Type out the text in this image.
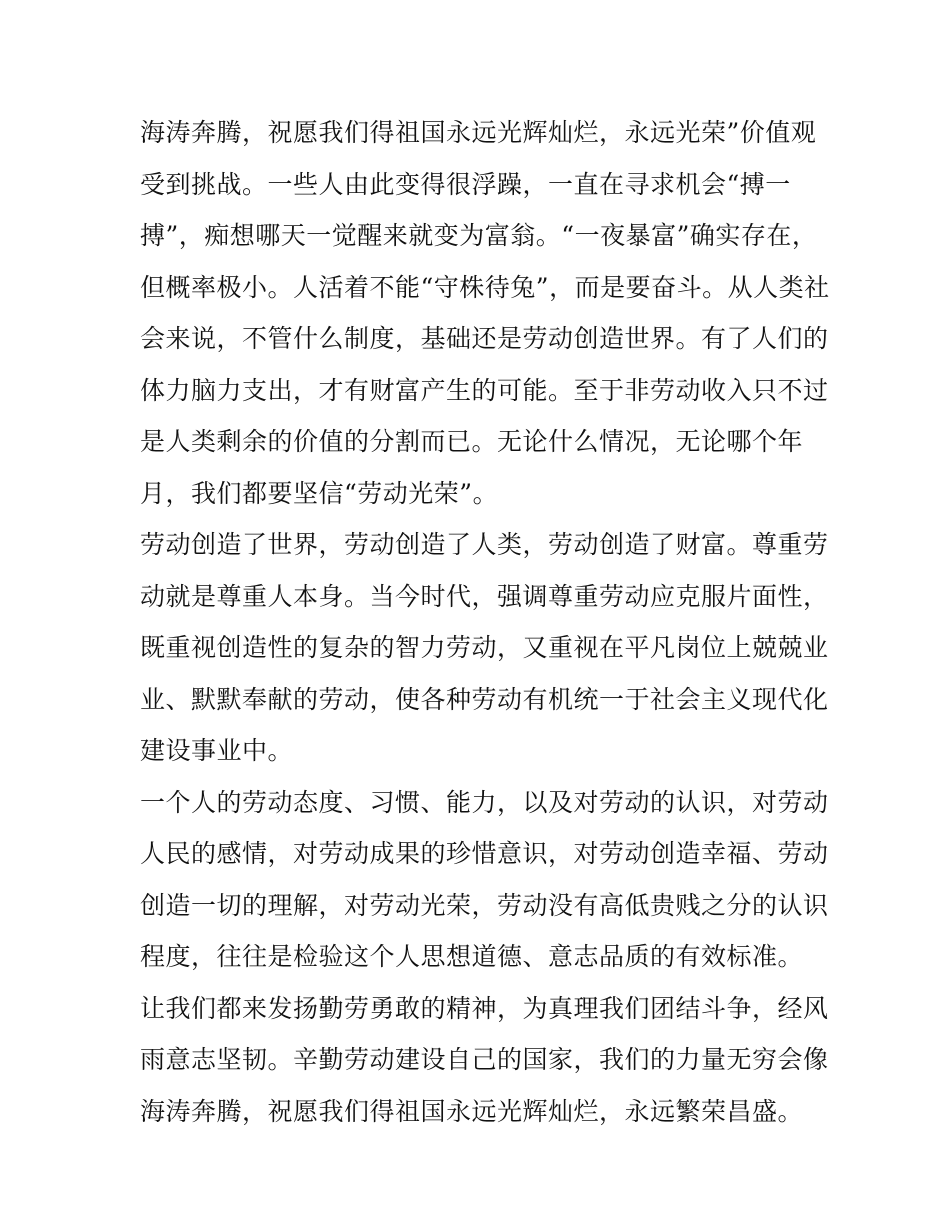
海涛奔腾，祝愿我们得祖国永远光辉灿烂，永远光荣”价值观
受到挑战。一些人由此变得很浮躁，一直在寻求机会“搏一
搏”，痴想哪天一觉醒来就变为富翁。“一夜暴富”确实存在，
但概率极小。人活着不能“守株待兔”，而是要奋斗。从人类社
会来说，不管什么制度，基础还是劳动创造世界。有了人们的
体力脑力支出，才有财富产生的可能。至于非劳动收入只不过
是人类剩余的价值的分割而已。无论什么情况，无论哪个年
月，我们都要坚信“劳动光荣”。
劳动创造了世界，劳动创造了人类，劳动创造了财富。尊重劳
动就是尊重人本身。当今时代，强调尊重劳动应克服片面性，
既重视创造性的复杂的智力劳动，又重视在平凡岗位上兢兢业
业、默默奉献的劳动，使各种劳动有机统一于社会主义现代化
建设事业中。
一个人的劳动态度、习惯、能力，以及对劳动的认识，对劳动
人民的感情，对劳动成果的珍惜意识，对劳动创造幸福、劳动
创造一切的理解，对劳动光荣，劳动没有高低贵贱之分的认识
程度，往往是检验这个人思想道德、意志品质的有效标准。
让我们都来发扬勤劳勇敢的精神，为真理我们团结斗争，经风
雨意志坚韧。辛勤劳动建设自己的国家，我们的力量无穷会像
海涛奔腾，祝愿我们得祖国永远光辉灿烂，永远繁荣昌盛。
